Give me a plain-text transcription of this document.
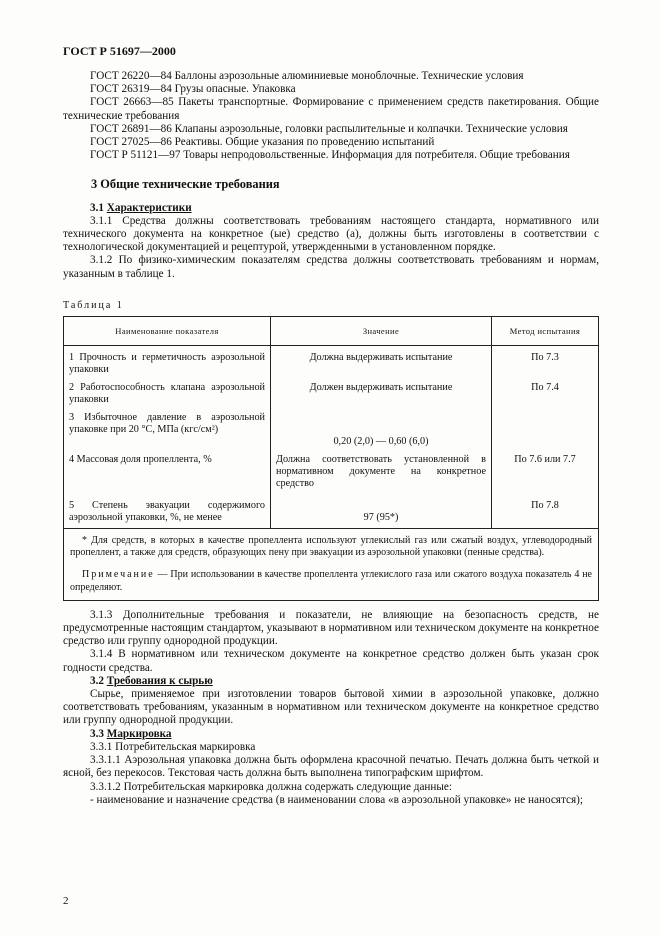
ГОСТ Р 51697—2000

ГОСТ 26220—84 Баллоны аэрозольные алюминиевые моноблочные. Технические условия

ГОСТ 26319—84 Грузы опасные. Упаковка

ГОСТ 26663—85 Пакеты транспортные. Формирование с применением средств пакетирования. Общие технические требования

ГОСТ 26891—86 Клапаны аэрозольные, головки распылительные и колпачки. Технические условия

ГОСТ 27025—86 Реактивы. Общие указания по проведению испытаний

ГОСТ Р 51121—97 Товары непродовольственные. Информация для потребителя. Общие требования

3 Общие технические требования

3.1 Характеристики

3.1.1 Средства должны соответствовать требованиям настоящего стандарта, нормативного или технического документа на конкретное (ые) средство (а), должны быть изготовлены в соответствии с технологической документацией и рецептурой, утвержденными в установленном порядке.

3.1.2 По физико-химическим показателям средства должны соответствовать требованиям и нормам, указанным в таблице 1.

Таблица 1
Наименование показателя	Значение	Метод испытания
1 Прочность и герметичность аэрозольной упаковки	Должна выдерживать испытание	По 7.3
2 Работоспособность клапана аэрозольной упаковки	Должен выдерживать испытание	По 7.4
3 Избыточное давление в аэрозольной упаковке при 20 °С, МПа (кгс/см²)	0,20 (2,0) — 0,60 (6,0)	
4 Массовая доля пропеллента, %	Должна соответствовать установленной в нормативном документе на конкретное средство	По 7.6 или 7.7
5 Степень эвакуации содержимого аэрозольной упаковки, %, не менее	97 (95*)	По 7.8

* Для средств, в которых в качестве пропеллента используют углекислый газ или сжатый воздух, углеводородный пропеллент, а также для средств, образующих пену при эвакуации из аэрозольной упаковки (пенные средства).

Примечание — При использовании в качестве пропеллента углекислого газа или сжатого воздуха показатель 4 не определяют.

3.1.3 Дополнительные требования и показатели, не влияющие на безопасность средств, не предусмотренные настоящим стандартом, указывают в нормативном или техническом документе на конкретное средство или группу однородной продукции.

3.1.4 В нормативном или техническом документе на конкретное средство должен быть указан срок годности средства.

3.2 Требования к сырью

Сырье, применяемое при изготовлении товаров бытовой химии в аэрозольной упаковке, должно соответствовать требованиям, указанным в нормативном или техническом документе на конкретное средство или группу однородной продукции.

3.3 Маркировка

3.3.1 Потребительская маркировка

3.3.1.1 Аэрозольная упаковка должна быть оформлена красочной печатью. Печать должна быть четкой и ясной, без перекосов. Текстовая часть должна быть выполнена типографским шрифтом.

3.3.1.2 Потребительская маркировка должна содержать следующие данные:

- наименование и назначение средства (в наименовании слова «в аэрозольной упаковке» не наносятся);

2
